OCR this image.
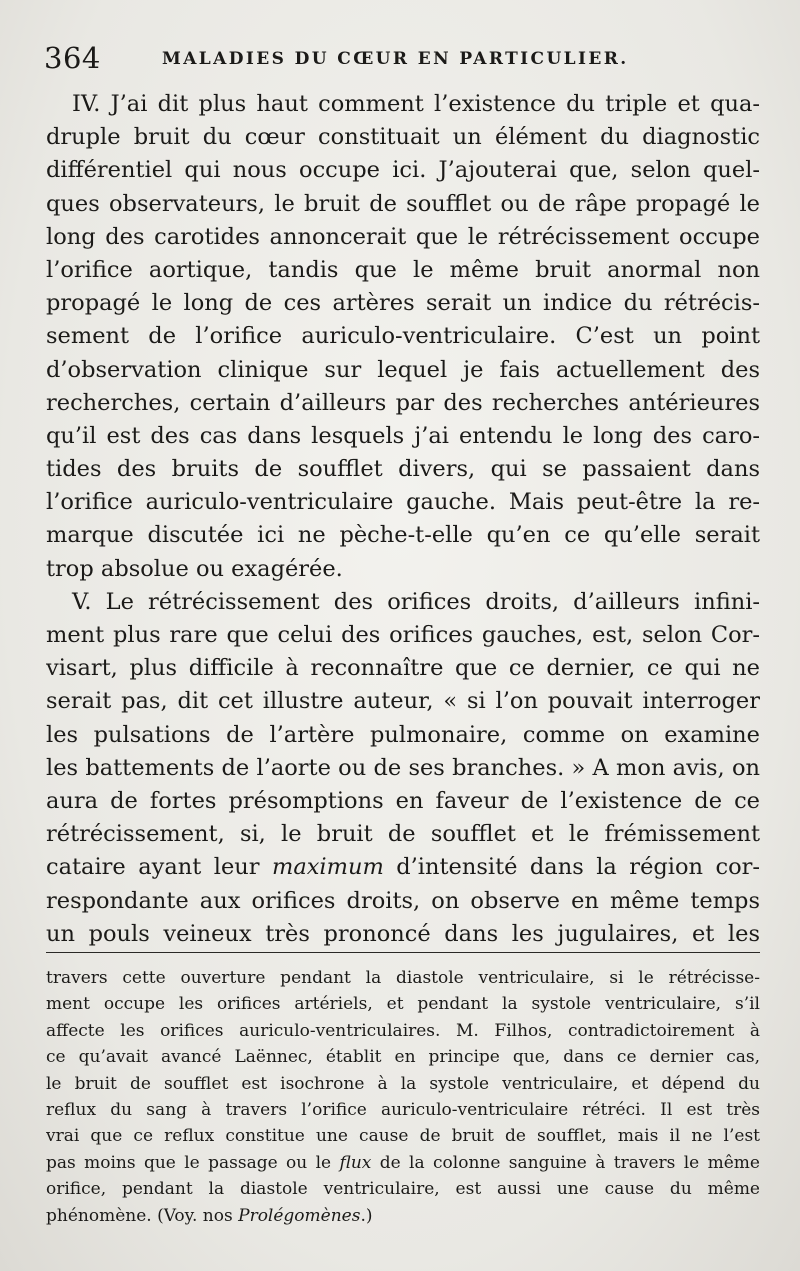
364	MALADIES DU CŒUR EN PARTICULIER.
IV. J’ai dit plus haut comment l’existence du triple et qua-
druple bruit du cœur constituait un élément du diagnostic
différentiel qui nous occupe ici. J’ajouterai que, selon quel-
ques observateurs, le bruit de soufflet ou de râpe propagé le
long des carotides annoncerait que le rétrécissement occupe
l’orifice aortique, tandis que le même bruit anormal non
propagé le long de ces artères serait un indice du rétrécis-
sement de l’orifice auriculo-ventriculaire. C’est un point
d’observation clinique sur lequel je fais actuellement des
recherches, certain d’ailleurs par des recherches antérieures
qu’il est des cas dans lesquels j’ai entendu le long des caro-
tides des bruits de soufflet divers, qui se passaient dans
l’orifice auriculo-ventriculaire gauche. Mais peut-être la re-
marque discutée ici ne pèche-t-elle qu’en ce qu’elle serait
trop absolue ou exagérée.
V. Le rétrécissement des orifices droits, d’ailleurs infini-
ment plus rare que celui des orifices gauches, est, selon Cor-
visart, plus difficile à reconnaître que ce dernier, ce qui ne
serait pas, dit cet illustre auteur, « si l’on pouvait interroger
les pulsations de l’artère pulmonaire, comme on examine
les battements de l’aorte ou de ses branches. » A mon avis, on
aura de fortes présomptions en faveur de l’existence de ce
rétrécissement, si, le bruit de soufflet et le frémissement
cataire ayant leur maximum d’intensité dans la région cor-
respondante aux orifices droits, on observe en même temps
un pouls veineux très prononcé dans les jugulaires, et les
travers cette ouverture pendant la diastole ventriculaire, si le rétrécisse-
ment occupe les orifices artériels, et pendant la systole ventriculaire, s’il
affecte les orifices auriculo-ventriculaires. M. Filhos, contradictoirement à
ce qu’avait avancé Laënnec, établit en principe que, dans ce dernier cas,
le bruit de soufflet est isochrone à la systole ventriculaire, et dépend du
reflux du sang à travers l’orifice auriculo-ventriculaire rétréci. Il est très
vrai que ce reflux constitue une cause de bruit de soufflet, mais il ne l’est
pas moins que le passage ou le flux de la colonne sanguine à travers le même
orifice, pendant la diastole ventriculaire, est aussi une cause du même
phénomène. (Voy. nos Prolégomènes.)
